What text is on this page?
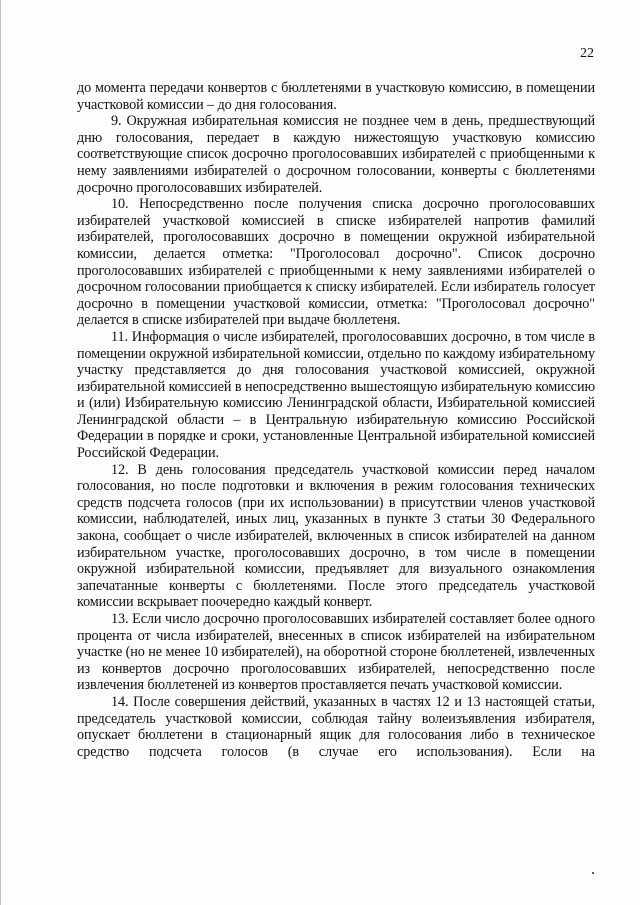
22

до момента передачи конвертов с бюллетенями в участковую комиссию, в помещении участковой комиссии – до дня голосования.

9. Окружная избирательная комиссия не позднее чем в день, предшествующий дню голосования, передает в каждую нижестоящую участковую комиссию соответствующие список досрочно проголосовавших избирателей с приобщенными к нему заявлениями избирателей о досрочном голосовании, конверты с бюллетенями досрочно проголосовавших избирателей.

10. Непосредственно после получения списка досрочно проголосовавших избирателей участковой комиссией в списке избирателей напротив фамилий избирателей, проголосовавших досрочно в помещении окружной избирательной комиссии, делается отметка: "Проголосовал досрочно". Список досрочно проголосовавших избирателей с приобщенными к нему заявлениями избирателей о досрочном голосовании приобщается к списку избирателей. Если избиратель голосует досрочно в помещении участковой комиссии, отметка: "Проголосовал досрочно" делается в списке избирателей при выдаче бюллетеня.

11. Информация о числе избирателей, проголосовавших досрочно, в том числе в помещении окружной избирательной комиссии, отдельно по каждому избирательному участку представляется до дня голосования участковой комиссией, окружной избирательной комиссией в непосредственно вышестоящую избирательную комиссию и (или) Избирательную комиссию Ленинградской области, Избирательной комиссией Ленинградской области – в Центральную избирательную комиссию Российской Федерации в порядке и сроки, установленные Центральной избирательной комиссией Российской Федерации.

12. В день голосования председатель участковой комиссии перед началом голосования, но после подготовки и включения в режим голосования технических средств подсчета голосов (при их использовании) в присутствии членов участковой комиссии, наблюдателей, иных лиц, указанных в пункте 3 статьи 30 Федерального закона, сообщает о числе избирателей, включенных в список избирателей на данном избирательном участке, проголосовавших досрочно, в том числе в помещении окружной избирательной комиссии, предъявляет для визуального ознакомления запечатанные конверты с бюллетенями. После этого председатель участковой комиссии вскрывает поочередно каждый конверт.

13. Если число досрочно проголосовавших избирателей составляет более одного процента от числа избирателей, внесенных в список избирателей на избирательном участке (но не менее 10 избирателей), на оборотной стороне бюллетеней, извлеченных из конвертов досрочно проголосовавших избирателей, непосредственно после извлечения бюллетеней из конвертов проставляется печать участковой комиссии.

14. После совершения действий, указанных в частях 12 и 13 настоящей статьи, председатель участковой комиссии, соблюдая тайну волеизъявления избирателя, опускает бюллетени в стационарный ящик для голосования либо в техническое средство подсчета голосов (в случае его использования). Если на
